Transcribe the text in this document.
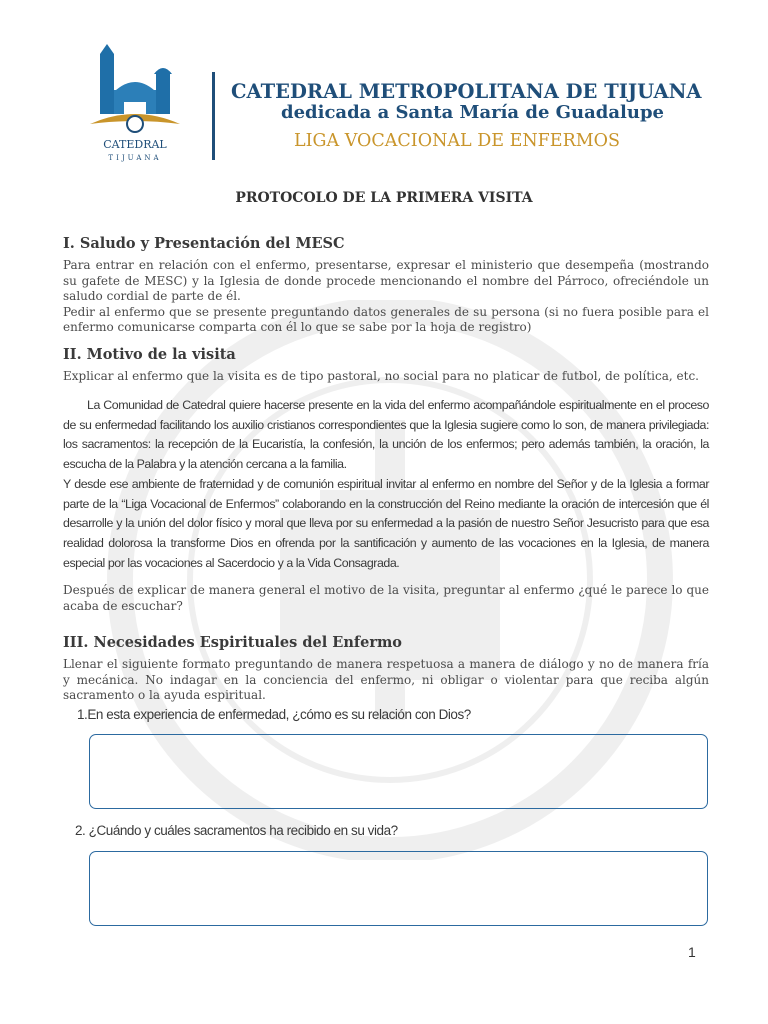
CATEDRAL
TIJUANA
CATEDRAL METROPOLITANA DE TIJUANA
dedicada a Santa María de Guadalupe
LIGA VOCACIONAL DE ENFERMOS
PROTOCOLO DE LA PRIMERA VISITA
I. Saludo y Presentación del MESC

Para entrar en relación con el enfermo, presentarse, expresar el ministerio que desempeña (mostrando su gafete de MESC) y la Iglesia de donde procede mencionando el nombre del Párroco, ofreciéndole un saludo cordial de parte de él.

Pedir al enfermo que se presente preguntando datos generales de su persona (si no fuera posible para el enfermo comunicarse comparta con él lo que se sabe por la hoja de registro)

II. Motivo de la visita
Explicar al enfermo que la visita es de tipo pastoral, no social para no platicar de futbol, de política, etc.

La Comunidad de Catedral quiere hacerse presente en la vida del enfermo acompañándole espiritualmente en el proceso de su enfermedad facilitando los auxilio cristianos correspondientes que la Iglesia sugiere como lo son, de manera privilegiada: los sacramentos: la recepción de la Eucaristía, la confesión, la unción de los enfermos; pero además también, la oración, la escucha de la Palabra y la atención cercana a la familia.

Y desde ese ambiente de fraternidad y de comunión espiritual invitar al enfermo en nombre del Señor y de la Iglesia a formar parte de la “Liga Vocacional de Enfermos” colaborando en la construcción del Reino mediante la oración de intercesión que él desarrolle y la unión del dolor físico y moral que lleva por su enfermedad a la pasión de nuestro Señor Jesucristo para que esa realidad dolorosa la transforme Dios en ofrenda por la santificación y aumento de las vocaciones en la Iglesia, de manera especial por las vocaciones al Sacerdocio y a la Vida Consagrada.

Después de explicar de manera general el motivo de la visita, preguntar al enfermo ¿qué le parece lo que acaba de escuchar?
III. Necesidades Espirituales del Enfermo
Llenar el siguiente formato preguntando de manera respetuosa a manera de diálogo y no de manera fría y mecánica. No indagar en la conciencia del enfermo, ni obligar o violentar para que reciba algún sacramento o la ayuda espiritual.
1.En esta experiencia de enfermedad, ¿cómo es su relación con Dios?
2. ¿Cuándo y cuáles sacramentos ha recibido en su vida?
1
